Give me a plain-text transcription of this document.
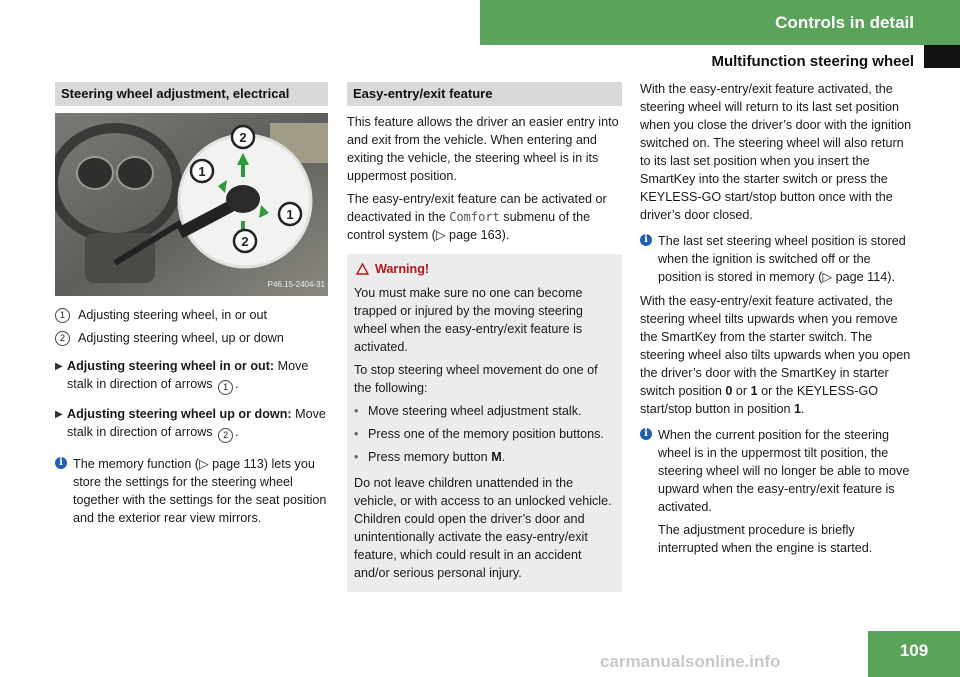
Controls in detail
Multifunction steering wheel
Steering wheel adjustment, electrical
2
1
1
2
P46.15-2404-31
1	Adjusting steering wheel, in or out
2	Adjusting steering wheel, up or down
▶ Adjusting steering wheel in or out: Move stalk in direction of arrows 1 .
▶ Adjusting steering wheel up or down: Move stalk in direction of arrows 2 .
i The memory function (▷ page 113) lets you store the settings for the steering wheel together with the settings for the seat position and the exterior rear view mirrors.
Easy-entry/exit feature

This feature allows the driver an easier entry into and exit from the vehicle. When entering and exiting the vehicle, the steering wheel is in its uppermost position.

The easy-entry/exit feature can be activated or deactivated in the Comfort submenu of the control system (▷ page 163).

Warning!

You must make sure no one can become trapped or injured by the moving steering wheel when the easy-entry/exit feature is activated.

To stop steering wheel movement do one of the following:

• Move steering wheel adjustment stalk.
• Press one of the memory position buttons.
• Press memory button M.

Do not leave children unattended in the vehicle, or with access to an unlocked vehicle. Children could open the driver’s door and unintentionally activate the easy-entry/exit feature, which could result in an accident and/or serious personal injury.

With the easy-entry/exit feature activated, the steering wheel will return to its last set position when you close the driver’s door with the ignition switched on. The steering wheel will also return to its last set position when you insert the SmartKey into the starter switch or press the KEYLESS-GO start/stop button once with the driver’s door closed.

i The last set steering wheel position is stored when the ignition is switched off or the position is stored in memory (▷ page 114).

With the easy-entry/exit feature activated, the steering wheel tilts upwards when you remove the SmartKey from the starter switch. The steering wheel also tilts upwards when you open the driver’s door with the SmartKey in starter switch position 0 or 1 or the KEYLESS-GO start/stop button in position 1.

i When the current position for the steering wheel is in the uppermost tilt position, the steering wheel will no longer be able to move upward when the easy-entry/exit feature is activated.
The adjustment procedure is briefly interrupted when the engine is started.
109
carmanualsonline.info
